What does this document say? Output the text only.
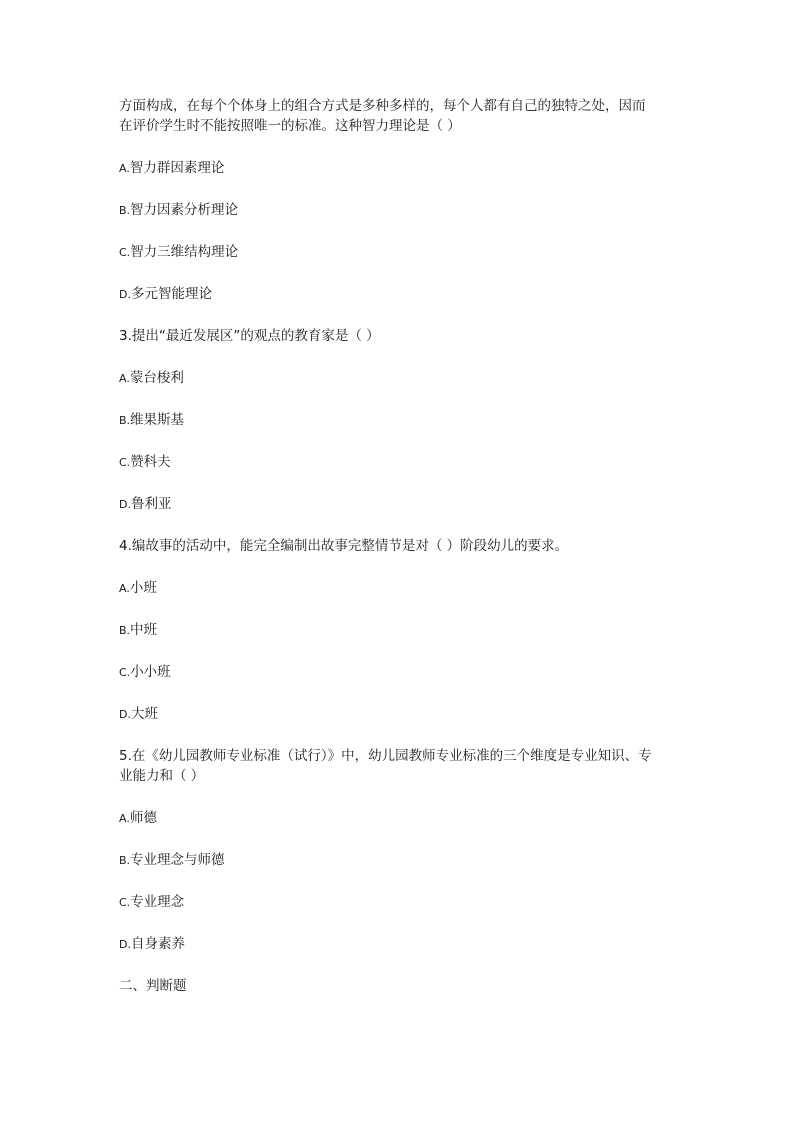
方面构成，在每个个体身上的组合方式是多种多样的，每个人都有自己的独特之处，因而
在评价学生时不能按照唯一的标准。这种智力理论是（ ）
A.智力群因素理论
B.智力因素分析理论
C.智力三维结构理论
D.多元智能理论
3.提出“最近发展区”的观点的教育家是（ ）
A.蒙台梭利
B.维果斯基
C.赞科夫
D.鲁利亚
4.编故事的活动中，能完全编制出故事完整情节是对（ ）阶段幼儿的要求。
A.小班
B.中班
C.小小班
D.大班
5.在《幼儿园教师专业标准（试行）》中，幼儿园教师专业标准的三个维度是专业知识、专
业能力和（ ）
A.师德
B.专业理念与师德
C.专业理念
D.自身素养
二、判断题
